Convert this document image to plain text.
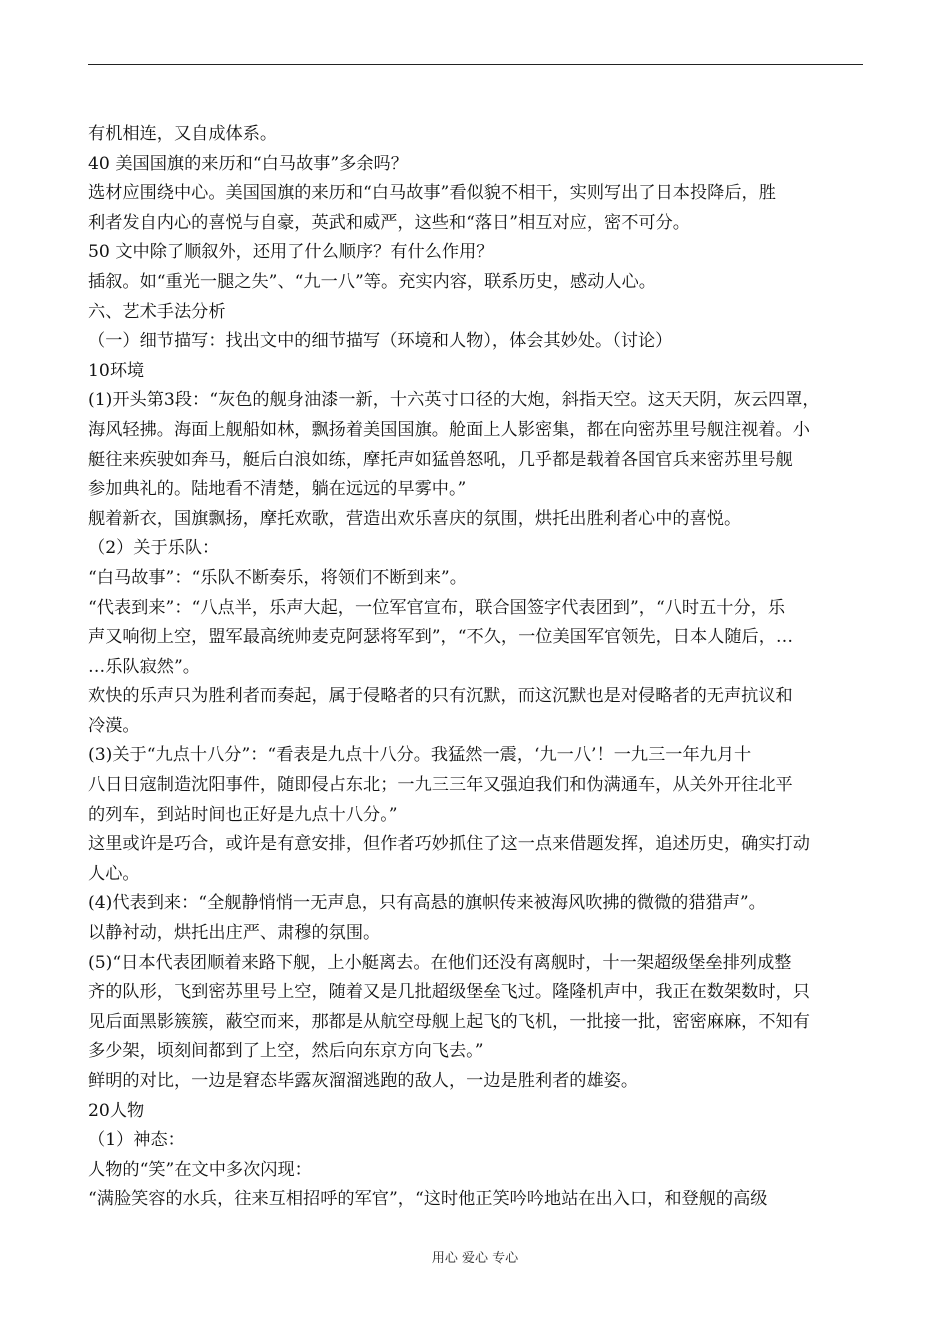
有机相连，又自成体系。
40 美国国旗的来历和“白马故事”多余吗？
选材应围绕中心。美国国旗的来历和“白马故事”看似貌不相干，实则写出了日本投降后，胜
利者发自内心的喜悦与自豪，英武和威严，这些和“落日”相互对应，密不可分。
50 文中除了顺叙外，还用了什么顺序？有什么作用？
插叙。如“重光一腿之失”、“九一八”等。充实内容，联系历史，感动人心。
六、艺术手法分析
（一）细节描写：找出文中的细节描写（环境和人物），体会其妙处。（讨论）
10环境
(1)开头第3段：“灰色的舰身油漆一新，十六英寸口径的大炮，斜指天空。这天天阴，灰云四罩，
海风轻拂。海面上舰船如林，飘扬着美国国旗。舱面上人影密集，都在向密苏里号舰注视着。小
艇往来疾驶如奔马，艇后白浪如练，摩托声如猛兽怒吼，几乎都是载着各国官兵来密苏里号舰
参加典礼的。陆地看不清楚，躺在远远的早雾中。”
舰着新衣，国旗飘扬，摩托欢歌，营造出欢乐喜庆的氛围，烘托出胜利者心中的喜悦。
（2）关于乐队：
“白马故事”：“乐队不断奏乐，将领们不断到来”。
“代表到来”：“八点半，乐声大起，一位军官宣布，联合国签字代表团到”，“八时五十分，乐
声又响彻上空，盟军最高统帅麦克阿瑟将军到”，“不久，一位美国军官领先，日本人随后，…
…乐队寂然”。
欢快的乐声只为胜利者而奏起，属于侵略者的只有沉默，而这沉默也是对侵略者的无声抗议和
冷漠。
(3)关于“九点十八分”：“看表是九点十八分。我猛然一震，‘九一八’！一九三一年九月十
八日日寇制造沈阳事件，随即侵占东北；一九三三年又强迫我们和伪满通车，从关外开往北平
的列车，到站时间也正好是九点十八分。”
这里或许是巧合，或许是有意安排，但作者巧妙抓住了这一点来借题发挥，追述历史，确实打动
人心。
(4)代表到来：“全舰静悄悄一无声息，只有高悬的旗帜传来被海风吹拂的微微的猎猎声”。
以静衬动，烘托出庄严、肃穆的氛围。
(5)“日本代表团顺着来路下舰，上小艇离去。在他们还没有离舰时，十一架超级堡垒排列成整
齐的队形，飞到密苏里号上空，随着又是几批超级堡垒飞过。隆隆机声中，我正在数架数时，只
见后面黑影簇簇，蔽空而来，那都是从航空母舰上起飞的飞机，一批接一批，密密麻麻，不知有
多少架，顷刻间都到了上空，然后向东京方向飞去。”
鲜明的对比，一边是窘态毕露灰溜溜逃跑的敌人，一边是胜利者的雄姿。
20人物
（1）神态：
人物的“笑”在文中多次闪现：
“满脸笑容的水兵，往来互相招呼的军官”，“这时他正笑吟吟地站在出入口，和登舰的高级
用心 爱心 专心
